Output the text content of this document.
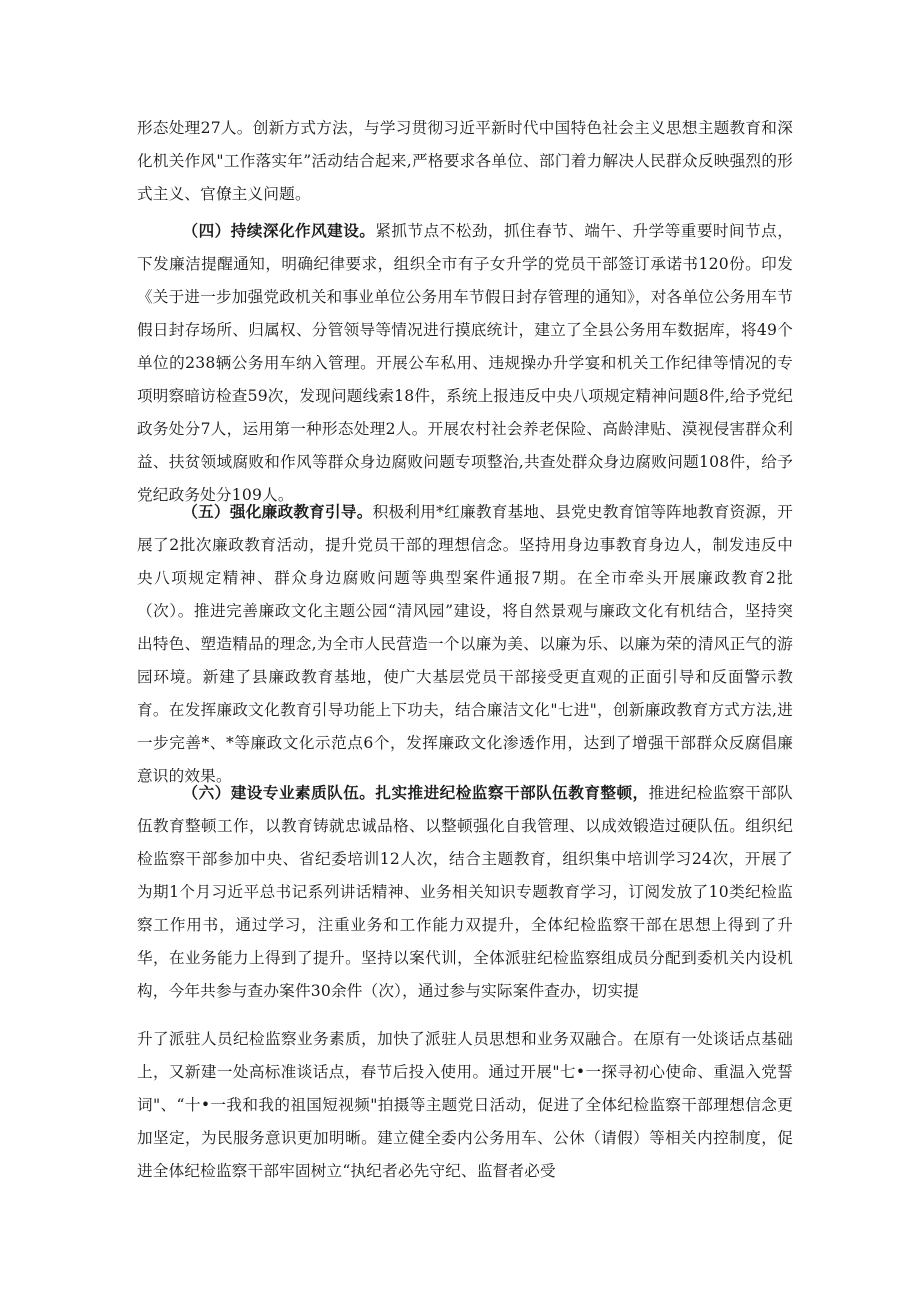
形态处理27人。创新方式方法，与学习贯彻习近平新时代中国特色社会主义思想主题教育和深化机关作风"工作落实年”活动结合起来,严格要求各单位、部门着力解决人民群众反映强烈的形式主义、官僚主义问题。

（四）持续深化作风建设。紧抓节点不松劲，抓住春节、端午、升学等重要时间节点，下发廉洁提醒通知，明确纪律要求，组织全市有子女升学的党员干部签订承诺书120份。印发《关于进一步加强党政机关和事业单位公务用车节假日封存管理的通知》，对各单位公务用车节假日封存场所、归属权、分管领导等情况进行摸底统计，建立了全县公务用车数据库，将49个单位的238辆公务用车纳入管理。开展公车私用、违规操办升学宴和机关工作纪律等情况的专项明察暗访检查59次，发现问题线索18件，系统上报违反中央八项规定精神问题8件,给予党纪政务处分7人，运用第一种形态处理2人。开展农村社会养老保险、高龄津贴、漠视侵害群众利益、扶贫领域腐败和作风等群众身边腐败问题专项整治,共查处群众身边腐败问题108件，给予党纪政务处分109人。

（五）强化廉政教育引导。积极利用*红廉教育基地、县党史教育馆等阵地教育资源，开展了2批次廉政教育活动，提升党员干部的理想信念。坚持用身边事教育身边人，制发违反中央八项规定精神、群众身边腐败问题等典型案件通报7期。在全市牵头开展廉政教育2批（次）。推进完善廉政文化主题公园“清风园”建设，将自然景观与廉政文化有机结合，坚持突出特色、塑造精品的理念,为全市人民营造一个以廉为美、以廉为乐、以廉为荣的清风正气的游园环境。新建了县廉政教育基地，使广大基层党员干部接受更直观的正面引导和反面警示教育。在发挥廉政文化教育引导功能上下功夫，结合廉洁文化"七进"，创新廉政教育方式方法,进一步完善*、*等廉政文化示范点6个，发挥廉政文化渗透作用，达到了增强干部群众反腐倡廉意识的效果。

（六）建设专业素质队伍。扎实推进纪检监察干部队伍教育整顿，推进纪检监察干部队伍教育整顿工作，以教育铸就忠诚品格、以整顿强化自我管理、以成效锻造过硬队伍。组织纪检监察干部参加中央、省纪委培训12人次，结合主题教育，组织集中培训学习24次，开展了为期1个月习近平总书记系列讲话精神、业务相关知识专题教育学习，订阅发放了10类纪检监察工作用书，通过学习，注重业务和工作能力双提升，全体纪检监察干部在思想上得到了升华，在业务能力上得到了提升。坚持以案代训，全体派驻纪检监察组成员分配到委机关内设机构，今年共参与查办案件30余件（次），通过参与实际案件查办，切实提

升了派驻人员纪检监察业务素质，加快了派驻人员思想和业务双融合。在原有一处谈话点基础上，又新建一处高标准谈话点，春节后投入使用。通过开展"七•一探寻初心使命、重温入党誓词"、“十•一我和我的祖国短视频"拍摄等主题党日活动，促进了全体纪检监察干部理想信念更加坚定，为民服务意识更加明晰。建立健全委内公务用车、公休（请假）等相关内控制度，促进全体纪检监察干部牢固树立“执纪者必先守纪、监督者必受
